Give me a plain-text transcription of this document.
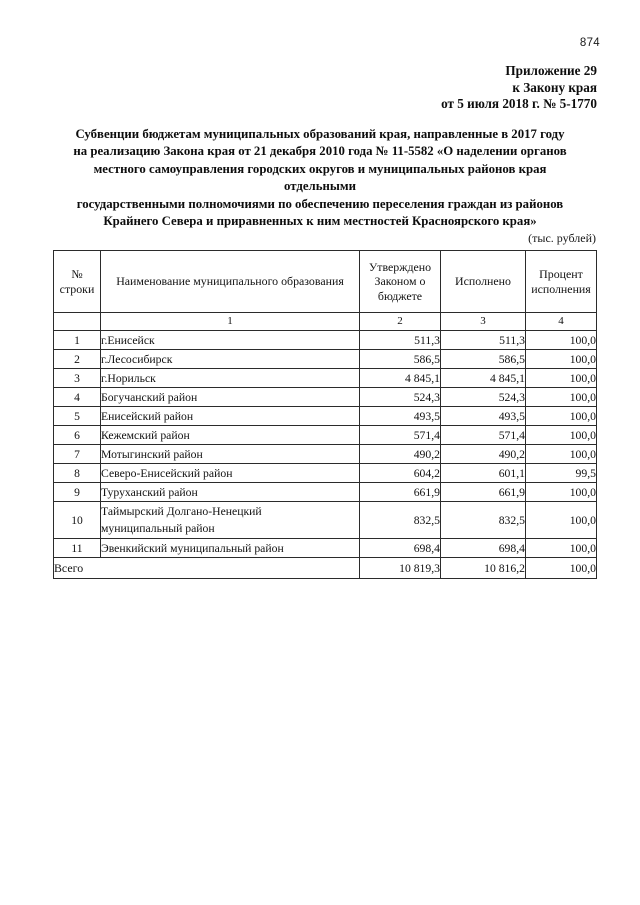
874
Приложение 29
к Закону края
от 5 июля 2018 г. № 5-1770
Субвенции бюджетам муниципальных образований края, направленные в 2017 году
на реализацию Закона края от 21 декабря 2010 года № 11-5582 «О наделении органов
местного самоуправления городских округов и муниципальных районов края отдельными
государственными полномочиями по обеспечению переселения граждан из районов
Крайнего Севера и приравненных к ним местностей Красноярского края»
(тыс. рублей)
№
строки	Наименование муниципального образования	Утверждено
Законом о
бюджете	Исполнено	Процент
исполнения
	1	2	3	4
1	г.Енисейск	511,3	511,3	100,0
2	г.Лесосибирск	586,5	586,5	100,0
3	г.Норильск	4 845,1	4 845,1	100,0
4	Богучанский район	524,3	524,3	100,0
5	Енисейский район	493,5	493,5	100,0
6	Кежемский район	571,4	571,4	100,0
7	Мотыгинский район	490,2	490,2	100,0
8	Северо-Енисейский район	604,2	601,1	99,5
9	Туруханский район	661,9	661,9	100,0
10	Таймырский Долгано-Ненецкий
муниципальный район	832,5	832,5	100,0
11	Эвенкийский муниципальный район	698,4	698,4	100,0
Всего		10 819,3	10 816,2	100,0
